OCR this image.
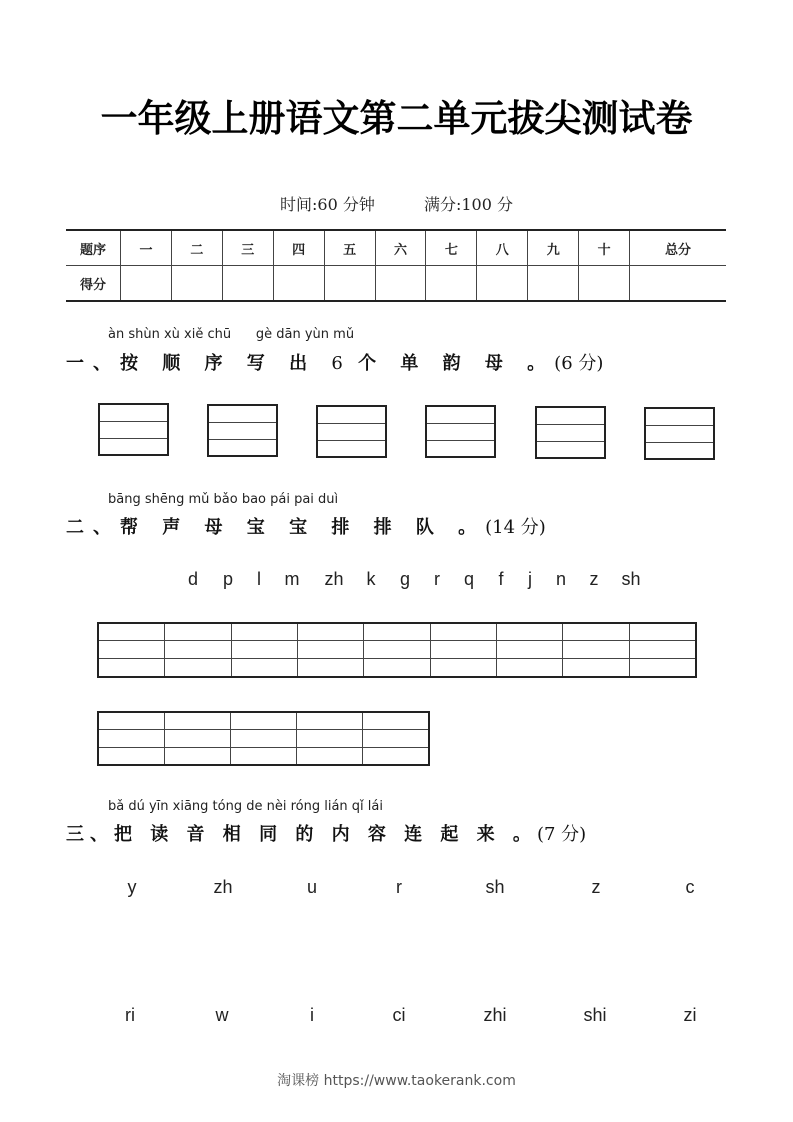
一年级上册语文第二单元拔尖测试卷
时间:60 分钟	满分:100 分
题序	一	二	三	四	五	六	七	八	九	十	总分
得分											
àn shùn xù xiě chū      gè dān yùn mǔ
一、按 顺 序 写 出 6 个 单 韵 母 。(6 分)
bāng shēng mǔ bǎo bao pái pai duì
二、帮 声 母 宝 宝 排 排 队 。(14 分)
d p l m zh k g r q f j n z sh
bǎ dú yīn xiāng tóng de nèi róng lián qǐ lái
三、把 读 音 相 同 的 内 容 连 起 来 。(7 分)
y	zh	u	r	sh	z	c
ri	w	i	ci	zhi	shi	zi
淘课榜 https://www.taokerank.com
